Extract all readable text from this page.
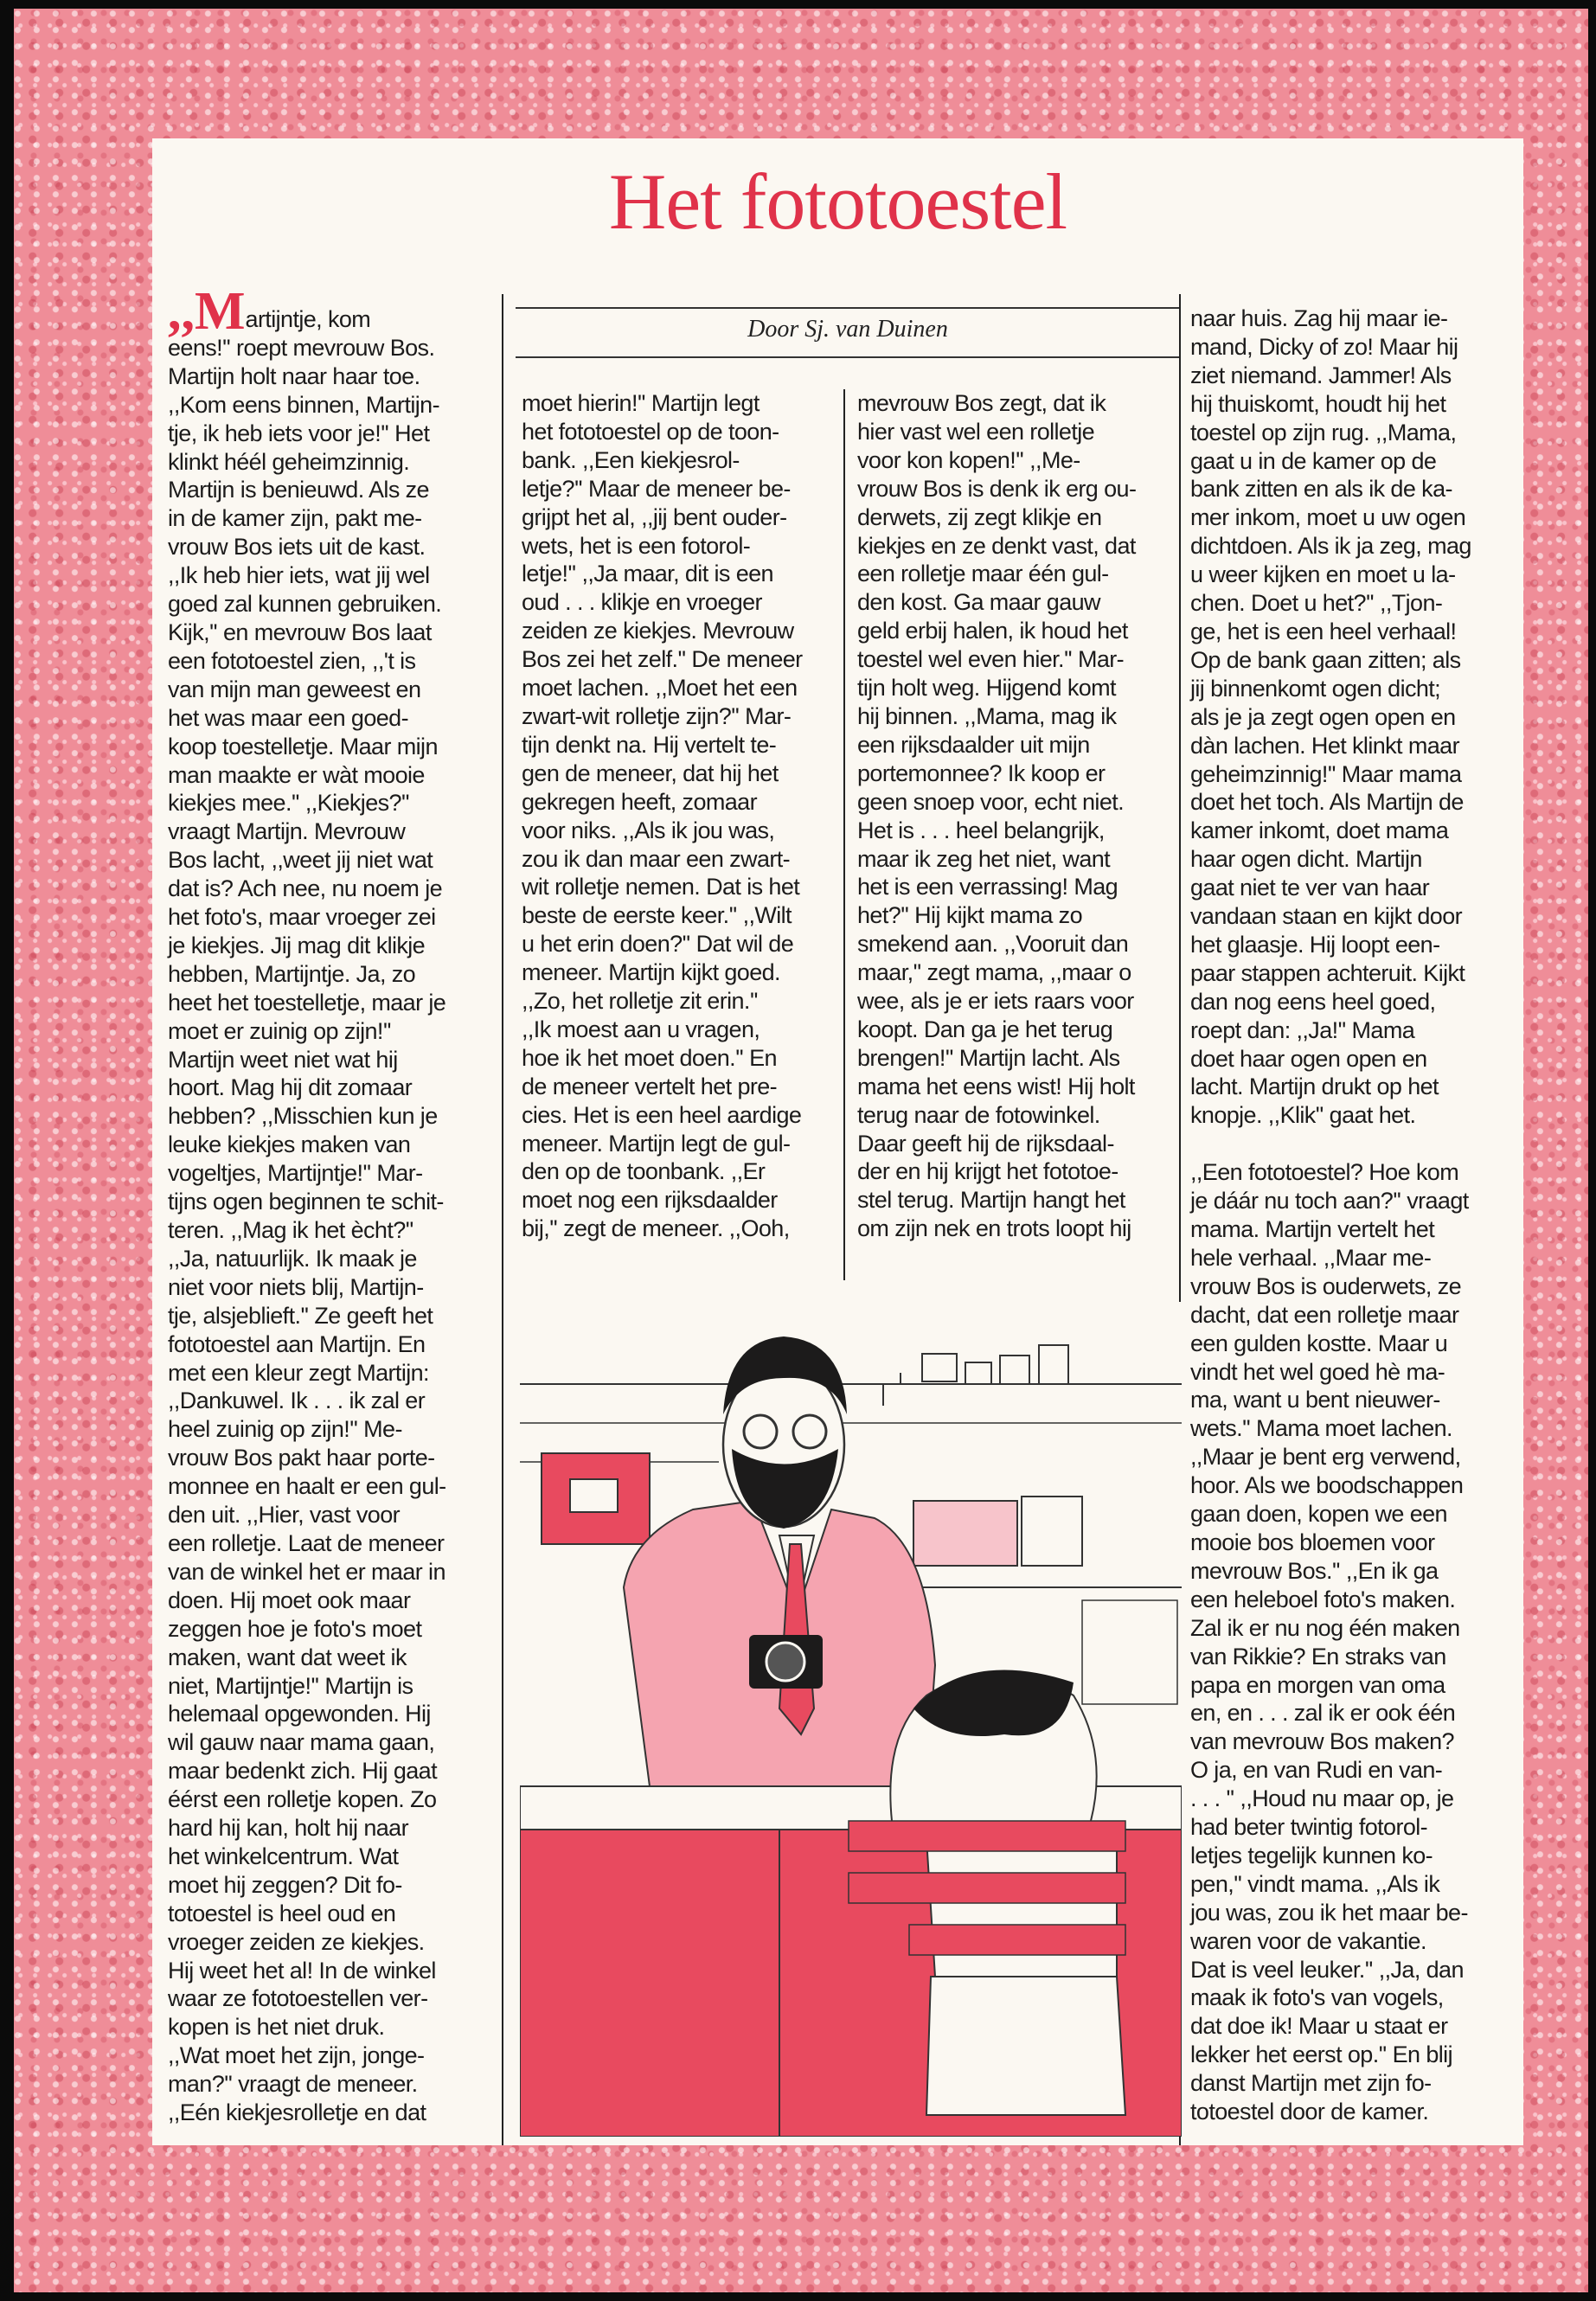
Het fototoestel
Door Sj. van Duinen
,,Martijntje, kom
eens!'' roept mevrouw Bos.
Martijn holt naar haar toe.
,,Kom eens binnen, Martijn-
tje, ik heb iets voor je!'' Het
klinkt héél geheimzinnig.
Martijn is benieuwd. Als ze
in de kamer zijn, pakt me-
vrouw Bos iets uit de kast.
,,Ik heb hier iets, wat jij wel
goed zal kunnen gebruiken.
Kijk,'' en mevrouw Bos laat
een fototoestel zien, ,,'t is
van mijn man geweest en
het was maar een goed-
koop toestelletje. Maar mijn
man maakte er wàt mooie
kiekjes mee.'' ,,Kiekjes?''
vraagt Martijn. Mevrouw
Bos lacht, ,,weet jij niet wat
dat is? Ach nee, nu noem je
het foto's, maar vroeger zei
je kiekjes. Jij mag dit klikje
hebben, Martijntje. Ja, zo
heet het toestelletje, maar je
moet er zuinig op zijn!''
Martijn weet niet wat hij
hoort. Mag hij dit zomaar
hebben? ,,Misschien kun je
leuke kiekjes maken van
vogeltjes, Martijntje!'' Mar-
tijns ogen beginnen te schit-
teren. ,,Mag ik het ècht?''
,,Ja, natuurlijk. Ik maak je
niet voor niets blij, Martijn-
tje, alsjeblieft.'' Ze geeft het
fototoestel aan Martijn. En
met een kleur zegt Martijn:
,,Dankuwel. Ik . . . ik zal er
heel zuinig op zijn!'' Me-
vrouw Bos pakt haar porte-
monnee en haalt er een gul-
den uit. ,,Hier, vast voor
een rolletje. Laat de meneer
van de winkel het er maar in
doen. Hij moet ook maar
zeggen hoe je foto's moet
maken, want dat weet ik
niet, Martijntje!'' Martijn is
helemaal opgewonden. Hij
wil gauw naar mama gaan,
maar bedenkt zich. Hij gaat
éérst een rolletje kopen. Zo
hard hij kan, holt hij naar
het winkelcentrum. Wat
moet hij zeggen? Dit fo-
totoestel is heel oud en
vroeger zeiden ze kiekjes.
Hij weet het al! In de winkel
waar ze fototoestellen ver-
kopen is het niet druk.
,,Wat moet het zijn, jonge-
man?'' vraagt de meneer.
,,Eén kiekjesrolletje en dat
moet hierin!'' Martijn legt
het fototoestel op de toon-
bank. ,,Een kiekjesrol-
letje?'' Maar de meneer be-
grijpt het al, ,,jij bent ouder-
wets, het is een fotorol-
letje!'' ,,Ja maar, dit is een
oud . . . klikje en vroeger
zeiden ze kiekjes. Mevrouw
Bos zei het zelf.'' De meneer
moet lachen. ,,Moet het een
zwart-wit rolletje zijn?'' Mar-
tijn denkt na. Hij vertelt te-
gen de meneer, dat hij het
gekregen heeft, zomaar
voor niks. ,,Als ik jou was,
zou ik dan maar een zwart-
wit rolletje nemen. Dat is het
beste de eerste keer.'' ,,Wilt
u het erin doen?'' Dat wil de
meneer. Martijn kijkt goed.
,,Zo, het rolletje zit erin.''
,,Ik moest aan u vragen,
hoe ik het moet doen.'' En
de meneer vertelt het pre-
cies. Het is een heel aardige
meneer. Martijn legt de gul-
den op de toonbank. ,,Er
moet nog een rijksdaalder
bij,'' zegt de meneer. ,,Ooh,
mevrouw Bos zegt, dat ik
hier vast wel een rolletje
voor kon kopen!'' ,,Me-
vrouw Bos is denk ik erg ou-
derwets, zij zegt klikje en
kiekjes en ze denkt vast, dat
een rolletje maar één gul-
den kost. Ga maar gauw
geld erbij halen, ik houd het
toestel wel even hier.'' Mar-
tijn holt weg. Hijgend komt
hij binnen. ,,Mama, mag ik
een rijksdaalder uit mijn
portemonnee? Ik koop er
geen snoep voor, echt niet.
Het is . . . heel belangrijk,
maar ik zeg het niet, want
het is een verrassing! Mag
het?'' Hij kijkt mama zo
smekend aan. ,,Vooruit dan
maar,'' zegt mama, ,,maar o
wee, als je er iets raars voor
koopt. Dan ga je het terug
brengen!'' Martijn lacht. Als
mama het eens wist! Hij holt
terug naar de fotowinkel.
Daar geeft hij de rijksdaal-
der en hij krijgt het fototoe-
stel terug. Martijn hangt het
om zijn nek en trots loopt hij
naar huis. Zag hij maar ie-
mand, Dicky of zo! Maar hij
ziet niemand. Jammer! Als
hij thuiskomt, houdt hij het
toestel op zijn rug. ,,Mama,
gaat u in de kamer op de
bank zitten en als ik de ka-
mer inkom, moet u uw ogen
dichtdoen. Als ik ja zeg, mag
u weer kijken en moet u la-
chen. Doet u het?'' ,,Tjon-
ge, het is een heel verhaal!
Op de bank gaan zitten; als
jij binnenkomt ogen dicht;
als je ja zegt ogen open en
dàn lachen. Het klinkt maar
geheimzinnig!'' Maar mama
doet het toch. Als Martijn de
kamer inkomt, doet mama
haar ogen dicht. Martijn
gaat niet te ver van haar
vandaan staan en kijkt door
het glaasje. Hij loopt een-
paar stappen achteruit. Kijkt
dan nog eens heel goed,
roept dan: ,,Ja!'' Mama
doet haar ogen open en
lacht. Martijn drukt op het
knopje. ,,Klik'' gaat het.

,,Een fototoestel? Hoe kom
je dáár nu toch aan?'' vraagt
mama. Martijn vertelt het
hele verhaal. ,,Maar me-
vrouw Bos is ouderwets, ze
dacht, dat een rolletje maar
een gulden kostte. Maar u
vindt het wel goed hè ma-
ma, want u bent nieuwer-
wets.'' Mama moet lachen.
,,Maar je bent erg verwend,
hoor. Als we boodschappen
gaan doen, kopen we een
mooie bos bloemen voor
mevrouw Bos.'' ,,En ik ga
een heleboel foto's maken.
Zal ik er nu nog één maken
van Rikkie? En straks van
papa en morgen van oma
en, en . . . zal ik er ook één
van mevrouw Bos maken?
O ja, en van Rudi en van-
. . . '' ,,Houd nu maar op, je
had beter twintig fotorol-
letjes tegelijk kunnen ko-
pen,'' vindt mama. ,,Als ik
jou was, zou ik het maar be-
waren voor de vakantie.
Dat is veel leuker.'' ,,Ja, dan
maak ik foto's van vogels,
dat doe ik! Maar u staat er
lekker het eerst op.'' En blij
danst Martijn met zijn fo-
totoestel door de kamer.
